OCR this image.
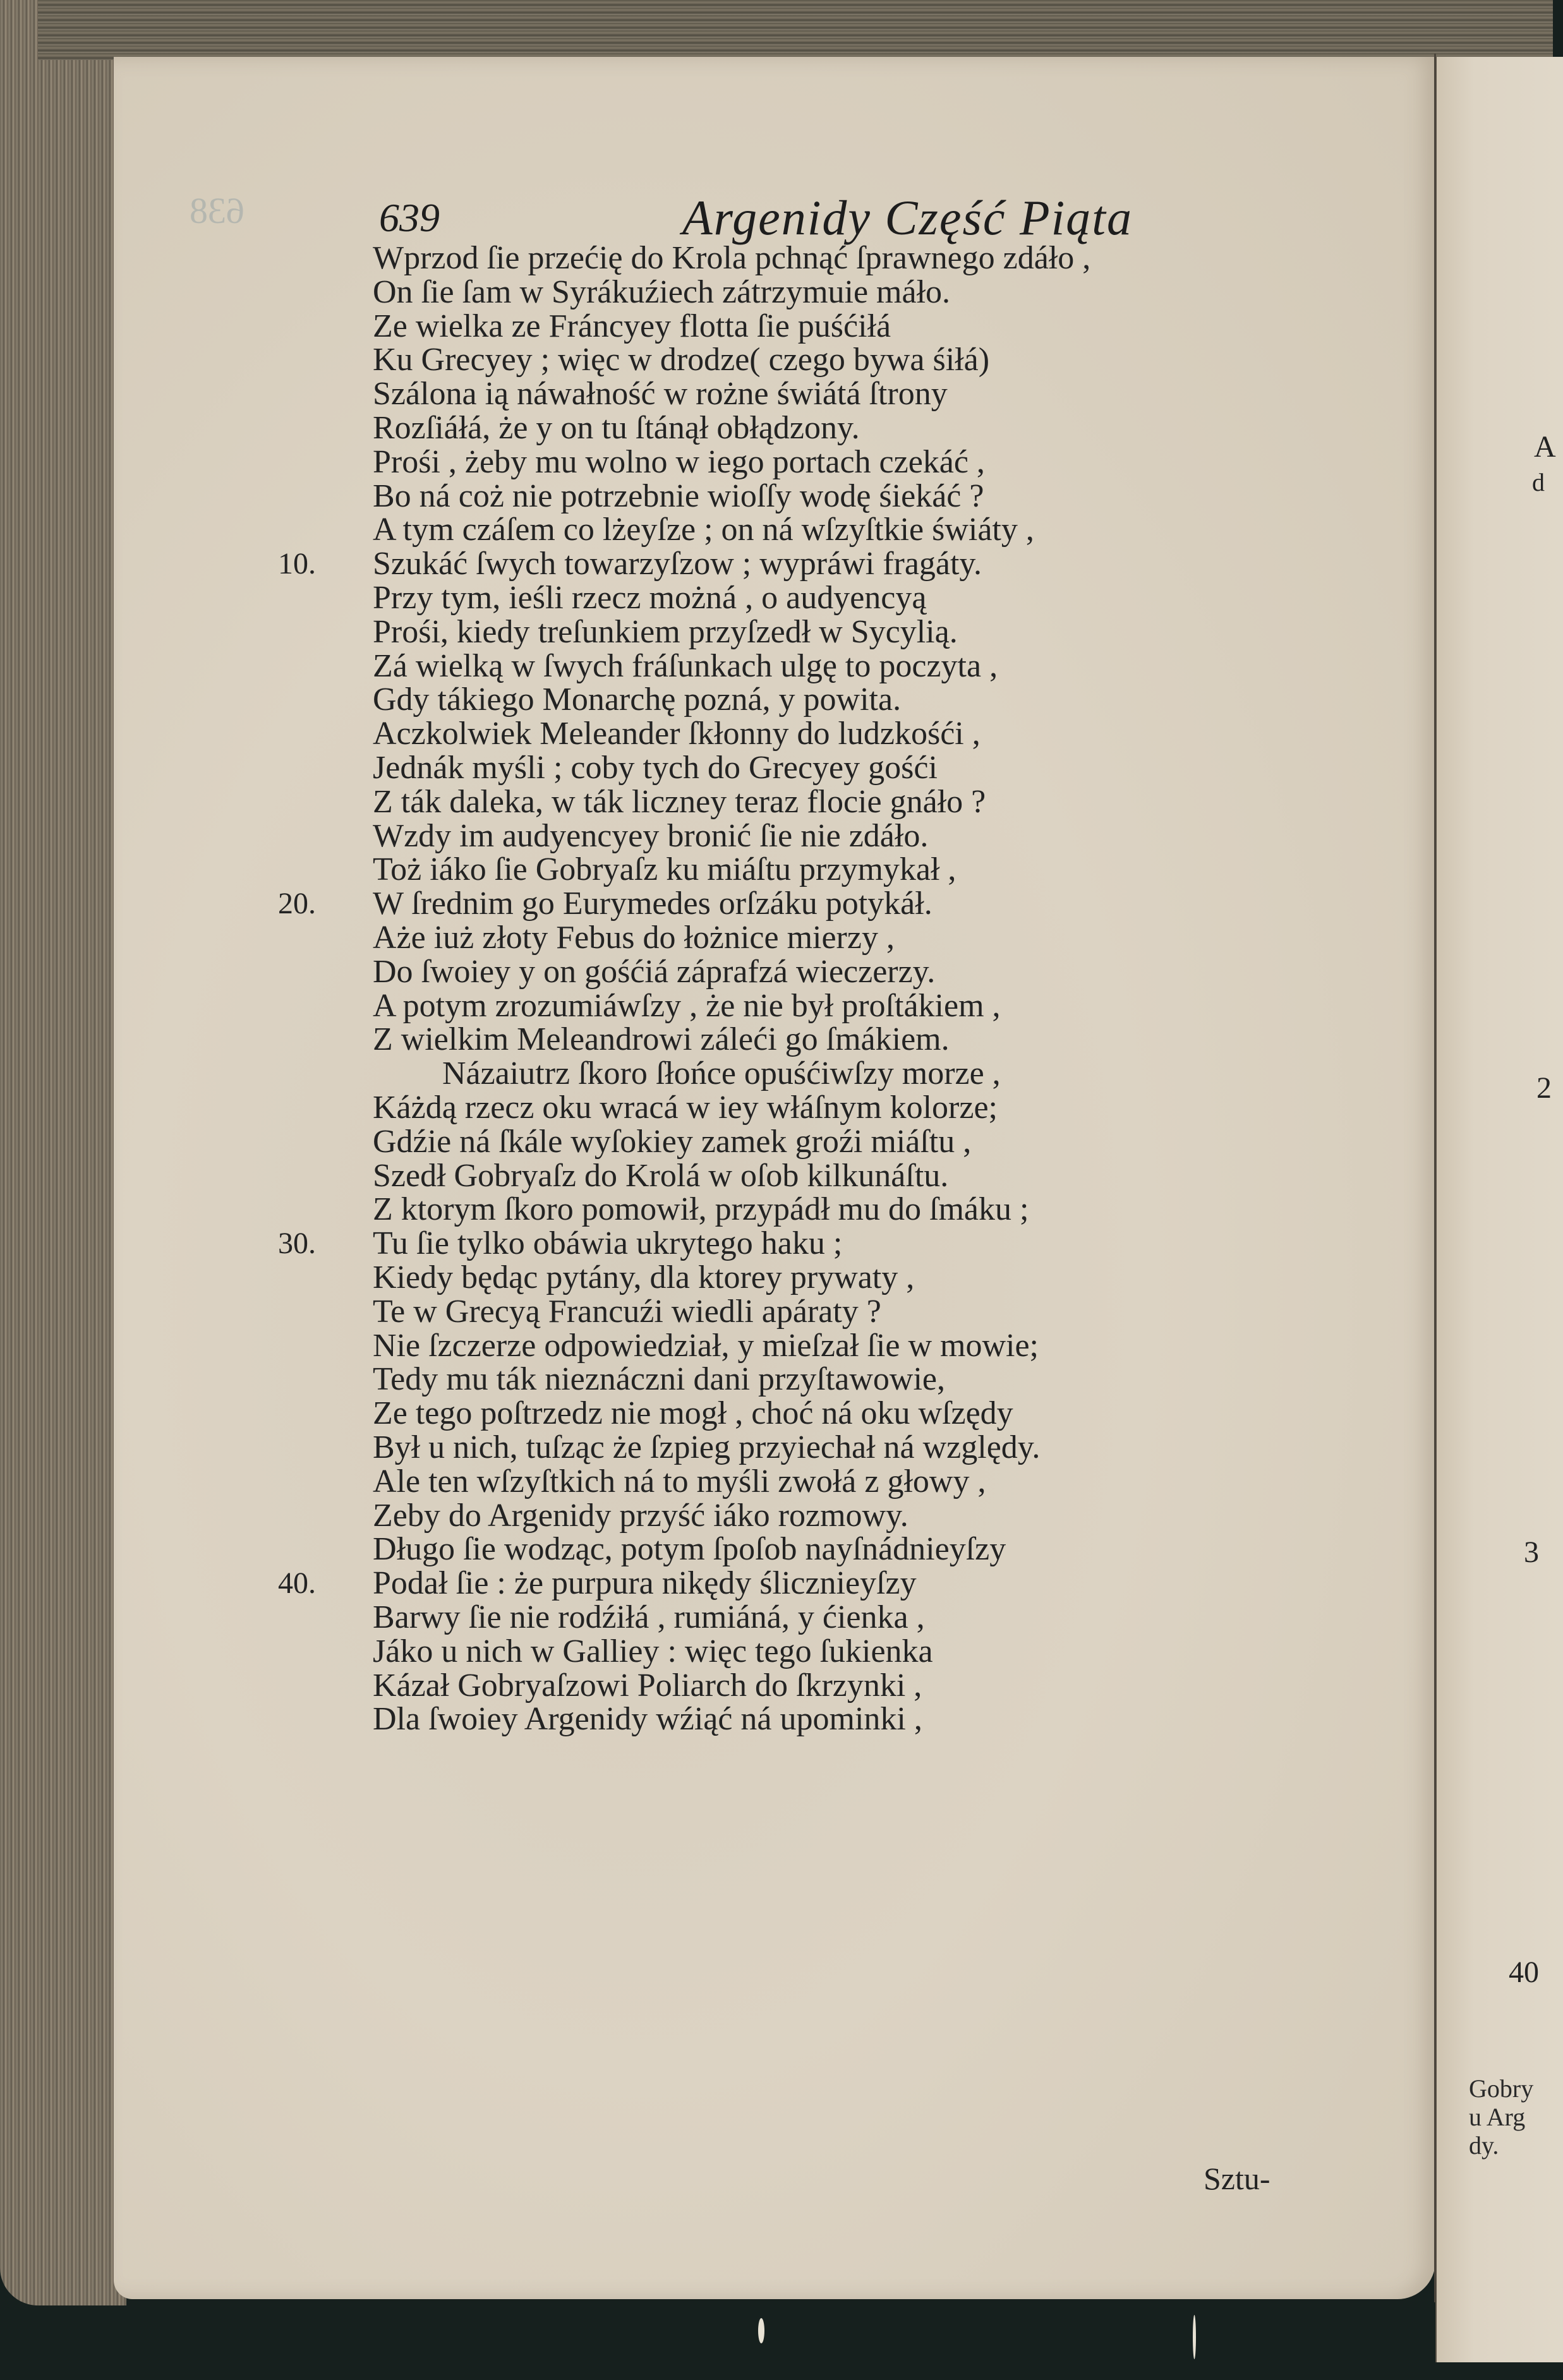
638	639	Argenidy Część Piąta
Wprzod ſie przećię do Krola pchnąć ſprawnego zdáło ,
On ſie ſam w Syrákuźiech zátrzymuie máło.
Ze wielka ze Fráncyey flotta ſie puśćiłá
Ku Grecyey ; więc w drodze( czego bywa śiłá)
Szálona ią náwałność w rożne świátá ſtrony
Rozſiáłá, że y on tu ſtánął obłądzony.
Prośi , żeby mu wolno w iego portach czekáć ,
Bo ná coż nie potrzebnie wioſſy wodę śiekáć ?
A tym czáſem co lżeyſze ; on ná wſzyſtkie świáty ,
10. Szukáć ſwych towarzyſzow ; wypráwi fragáty.
Przy tym, ieśli rzecz możná , o audyencyą
Prośi, kiedy treſunkiem przyſzedł w Sycylią.
Zá wielką w ſwych fráſunkach ulgę to poczyta ,
Gdy tákiego Monarchę pozná, y powita.
Aczkolwiek Meleander ſkłonny do ludzkośći ,
Jednák myśli ; coby tych do Grecyey gośći
Z ták daleka, w ták liczney teraz flocie gnáło ?
Wzdy im audyencyey bronić ſie nie zdáło.
Toż iáko ſie Gobryaſz ku miáſtu przymykał ,
20. W ſrednim go Eurymedes orſzáku potykáł.
Aże iuż złoty Febus do łożnice mierzy ,
Do ſwoiey y on gośćiá záprafzá wieczerzy.
A potym zrozumiáwſzy , że nie był proſtákiem ,
Z wielkim Meleandrowi záleći go ſmákiem.
Názaiutrz ſkoro ſłońce opuśćiwſzy morze ,
Káżdą rzecz oku wracá w iey włáſnym kolorze;
Gdźie ná ſkále wyſokiey zamek groźi miáſtu ,
Szedł Gobryaſz do Krolá w oſob kilkunáſtu.
Z ktorym ſkoro pomowił, przypádł mu do ſmáku ;
30. Tu ſie tylko obáwia ukrytego haku ;
Kiedy będąc pytány, dla ktorey prywaty ,
Te w Grecyą Francuźi wiedli apáraty ?
Nie ſzczerze odpowiedział, y mieſzał ſie w mowie;
Tedy mu ták nieznáczni dani przyſtawowie,
Ze tego poſtrzedz nie mogł , choć ná oku wſzędy
Był u nich, tuſząc że ſzpieg przyiechał ná względy.
Ale ten wſzyſtkich ná to myśli zwołá z głowy ,
Zeby do Argenidy przyść iáko rozmowy.
Długo ſie wodząc, potym ſpoſob nayſnádnieyſzy
40. Podał ſie : że purpura nikędy ślicznieyſzy
Barwy ſie nie rodźiłá , rumiáná, y ćienka ,
Jáko u nich w Galliey : więc tego ſukienka
Kázał Gobryaſzowi Poliarch do ſkrzynki ,
Dla ſwoiey Argenidy wźiąć ná upominki ,
Sztu-
A
d
2
3
40
Gobry
u Arg
dy.
